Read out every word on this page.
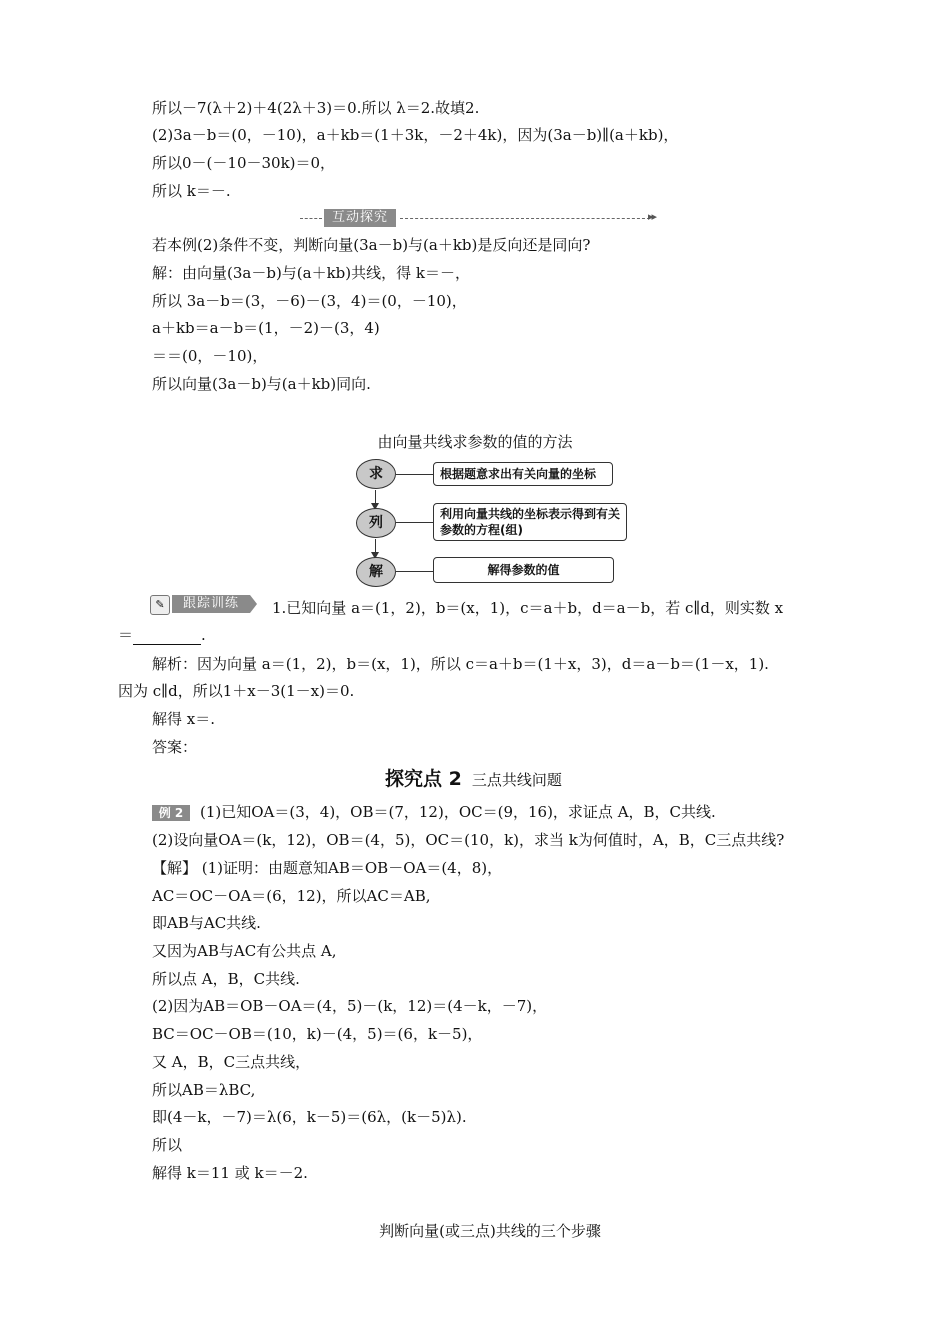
所以－7(λ＋2)＋4(2λ＋3)＝0.所以 λ＝2.故填2.
(2)3a－b＝(0，－10)，a＋kb＝(1＋3k，－2＋4k)，因为(3a－b)∥(a＋kb)，
所以0－(－10－30k)＝0，
所以 k＝－.
互动探究	▸▸
若本例(2)条件不变，判断向量(3a－b)与(a＋kb)是反向还是同向?
解：由向量(3a－b)与(a＋kb)共线，得 k＝－，
所以 3a－b＝(3，－6)－(3，4)＝(0，－10)，
a＋kb＝a－b＝(1，－2)－(3，4)
＝＝(0，－10)，
所以向量(3a－b)与(a＋kb)同向.
由向量共线求参数的值的方法
求	根据题意求出有关向量的坐标
列
利用向量共线的坐标表示得到有关参数的方程(组)
解	解得参数的值
✎	跟踪训练	1.已知向量 a＝(1，2)，b＝(x，1)，c＝a＋b，d＝a－b，若 c∥d，则实数 x
＝	.
解析：因为向量 a＝(1，2)，b＝(x，1)，所以 c＝a＋b＝(1＋x，3)，d＝a－b＝(1－x，1).
因为 c∥d，所以1＋x－3(1－x)＝0.
解得 x＝.
答案：
探究点 2 三点共线问题
例 2 (1)已知OA＝(3，4)，OB＝(7，12)，OC＝(9，16)，求证点 A，B，C共线.
(2)设向量OA＝(k，12)，OB＝(4，5)，OC＝(10，k)，求当 k为何值时，A，B，C三点共线?
【解】 (1)证明：由题意知AB＝OB－OA＝(4，8)，
AC＝OC－OA＝(6，12)，所以AC＝AB,
即AB与AC共线.
又因为AB与AC有公共点 A,
所以点 A，B，C共线.
(2)因为AB＝OB－OA＝(4，5)－(k，12)＝(4－k，－7)，
BC＝OC－OB＝(10，k)－(4，5)＝(6，k－5)，
又 A，B，C三点共线，
所以AB＝λBC,
即(4－k，－7)＝λ(6，k－5)＝(6λ，(k－5)λ).
所以
解得 k＝11 或 k＝－2.
判断向量(或三点)共线的三个步骤
